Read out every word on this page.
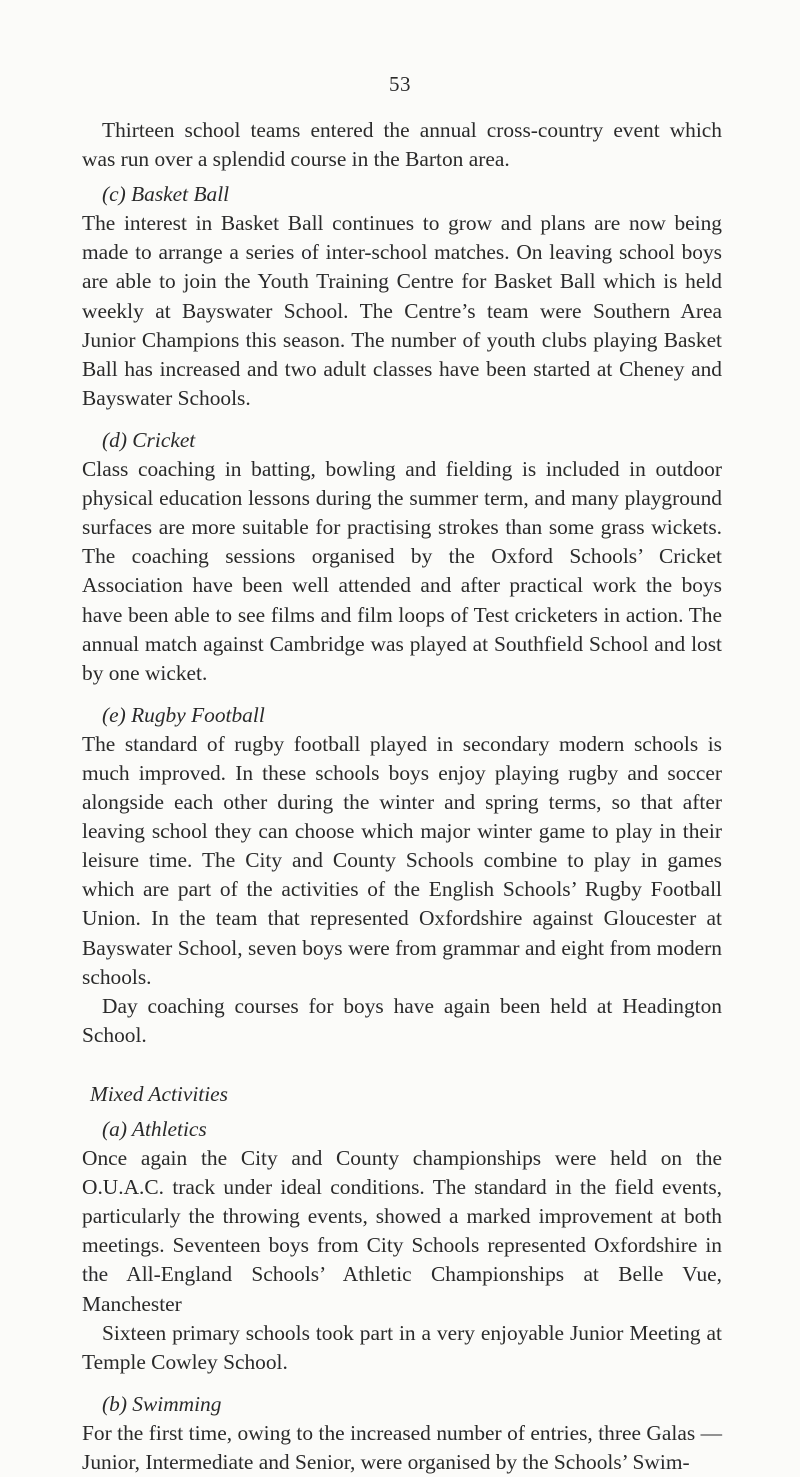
53

Thirteen school teams entered the annual cross-country event which was run over a splendid course in the Barton area.

(c) Basket Ball

The interest in Basket Ball continues to grow and plans are now being made to arrange a series of inter-school matches. On leaving school boys are able to join the Youth Training Centre for Basket Ball which is held weekly at Bayswater School. The Centre’s team were Southern Area Junior Champions this season. The number of youth clubs playing Basket Ball has increased and two adult classes have been started at Cheney and Bayswater Schools.

(d) Cricket

Class coaching in batting, bowling and fielding is included in outdoor physical education lessons during the summer term, and many playground surfaces are more suitable for practising strokes than some grass wickets. The coaching sessions organised by the Oxford Schools’ Cricket Association have been well attended and after practical work the boys have been able to see films and film loops of Test cricketers in action. The annual match against Cambridge was played at Southfield School and lost by one wicket.

(e) Rugby Football

The standard of rugby football played in secondary modern schools is much improved. In these schools boys enjoy playing rugby and soccer alongside each other during the winter and spring terms, so that after leaving school they can choose which major winter game to play in their leisure time. The City and County Schools combine to play in games which are part of the activities of the English Schools’ Rugby Football Union. In the team that represented Oxfordshire against Gloucester at Bayswater School, seven boys were from grammar and eight from modern schools.

Day coaching courses for boys have again been held at Headington School.

Mixed Activities

(a) Athletics

Once again the City and County championships were held on the O.U.A.C. track under ideal conditions. The standard in the field events, particularly the throwing events, showed a marked improvement at both meetings. Seventeen boys from City Schools represented Oxfordshire in the All-England Schools’ Athletic Championships at Belle Vue, Manchester

Sixteen primary schools took part in a very enjoyable Junior Meeting at Temple Cowley School.

(b) Swimming

For the first time, owing to the increased number of entries, three Galas —Junior, Intermediate and Senior, were organised by the Schools’ Swim-
